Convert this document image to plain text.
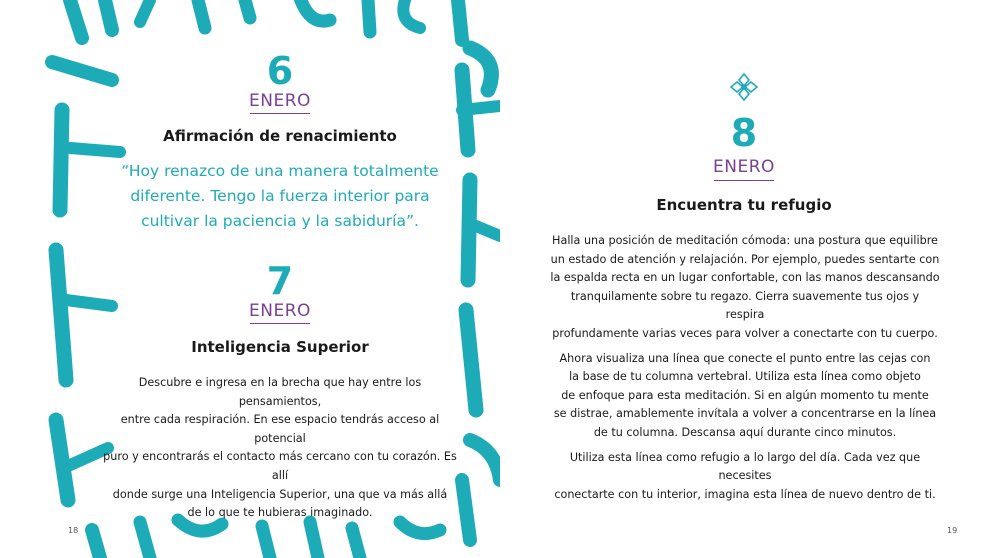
6
ENERO
Afirmación de renacimiento
“Hoy renazco de una manera totalmente
diferente. Tengo la fuerza interior para
cultivar la paciencia y la sabiduría”.
7
ENERO
Inteligencia Superior
Descubre e ingresa en la brecha que hay entre los pensamientos,
entre cada respiración. En ese espacio tendrás acceso al potencial
puro y encontrarás el contacto más cercano con tu corazón. Es allí
donde surge una Inteligencia Superior, una que va más allá
de lo que te hubieras imaginado.
18
8
ENERO
Encuentra tu refugio

Halla una posición de meditación cómoda: una postura que equilibre
un estado de atención y relajación. Por ejemplo, puedes sentarte con
la espalda recta en un lugar confortable, con las manos descansando
tranquilamente sobre tu regazo. Cierra suavemente tus ojos y respira
profundamente varias veces para volver a conectarte con tu cuerpo.

Ahora visualiza una línea que conecte el punto entre las cejas con
la base de tu columna vertebral. Utiliza esta línea como objeto
de enfoque para esta meditación. Si en algún momento tu mente
se distrae, amablemente invítala a volver a concentrarse en la línea
de tu columna. Descansa aquí durante cinco minutos.

Utiliza esta línea como refugio a lo largo del día. Cada vez que necesites
conectarte con tu interior, imagina esta línea de nuevo dentro de ti.

19
